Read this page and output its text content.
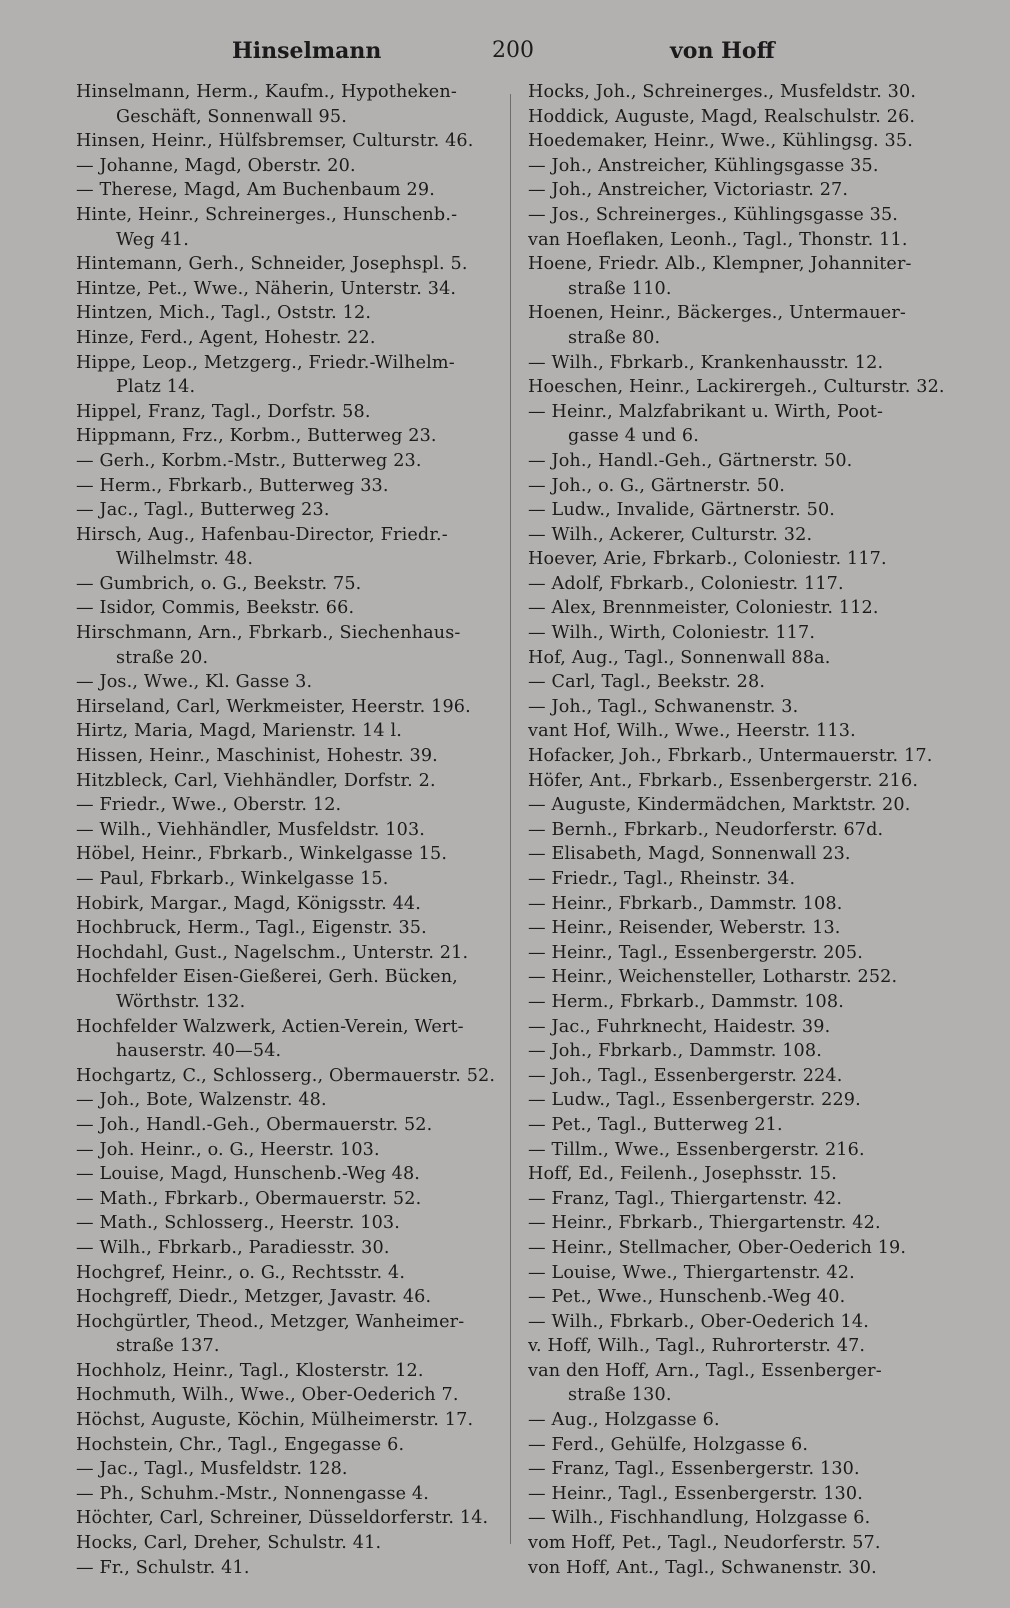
Hinselmann	200	von Hoff
Hinselmann, Herm., Kaufm., Hypotheken-
Geschäft, Sonnenwall 95.
Hinsen, Heinr., Hülfsbremser, Culturstr. 46.
— Johanne, Magd, Oberstr. 20.
— Therese, Magd, Am Buchenbaum 29.
Hinte, Heinr., Schreinerges., Hunschenb.-
Weg 41.
Hintemann, Gerh., Schneider, Josephspl. 5.
Hintze, Pet., Wwe., Näherin, Unterstr. 34.
Hintzen, Mich., Tagl., Oststr. 12.
Hinze, Ferd., Agent, Hohestr. 22.
Hippe, Leop., Metzgerg., Friedr.-Wilhelm-
Platz 14.
Hippel, Franz, Tagl., Dorfstr. 58.
Hippmann, Frz., Korbm., Butterweg 23.
— Gerh., Korbm.-Mstr., Butterweg 23.
— Herm., Fbrkarb., Butterweg 33.
— Jac., Tagl., Butterweg 23.
Hirsch, Aug., Hafenbau-Director, Friedr.-
Wilhelmstr. 48.
— Gumbrich, o. G., Beekstr. 75.
— Isidor, Commis, Beekstr. 66.
Hirschmann, Arn., Fbrkarb., Siechenhaus-
straße 20.
— Jos., Wwe., Kl. Gasse 3.
Hirseland, Carl, Werkmeister, Heerstr. 196.
Hirtz, Maria, Magd, Marienstr. 14 l.
Hissen, Heinr., Maschinist, Hohestr. 39.
Hitzbleck, Carl, Viehhändler, Dorfstr. 2.
— Friedr., Wwe., Oberstr. 12.
— Wilh., Viehhändler, Musfeldstr. 103.
Höbel, Heinr., Fbrkarb., Winkelgasse 15.
— Paul, Fbrkarb., Winkelgasse 15.
Hobirk, Margar., Magd, Königsstr. 44.
Hochbruck, Herm., Tagl., Eigenstr. 35.
Hochdahl, Gust., Nagelschm., Unterstr. 21.
Hochfelder Eisen-Gießerei, Gerh. Bücken,
Wörthstr. 132.
Hochfelder Walzwerk, Actien-Verein, Wert-
hauserstr. 40—54.
Hochgartz, C., Schlosserg., Obermauerstr. 52.
— Joh., Bote, Walzenstr. 48.
— Joh., Handl.-Geh., Obermauerstr. 52.
— Joh. Heinr., o. G., Heerstr. 103.
— Louise, Magd, Hunschenb.-Weg 48.
— Math., Fbrkarb., Obermauerstr. 52.
— Math., Schlosserg., Heerstr. 103.
— Wilh., Fbrkarb., Paradiesstr. 30.
Hochgref, Heinr., o. G., Rechtsstr. 4.
Hochgreff, Diedr., Metzger, Javastr. 46.
Hochgürtler, Theod., Metzger, Wanheimer-
straße 137.
Hochholz, Heinr., Tagl., Klosterstr. 12.
Hochmuth, Wilh., Wwe., Ober-Oederich 7.
Höchst, Auguste, Köchin, Mülheimerstr. 17.
Hochstein, Chr., Tagl., Engegasse 6.
— Jac., Tagl., Musfeldstr. 128.
— Ph., Schuhm.-Mstr., Nonnengasse 4.
Höchter, Carl, Schreiner, Düsseldorferstr. 14.
Hocks, Carl, Dreher, Schulstr. 41.
— Fr., Schulstr. 41.
Hocks, Joh., Schreinerges., Musfeldstr. 30.
Hoddick, Auguste, Magd, Realschulstr. 26.
Hoedemaker, Heinr., Wwe., Kühlingsg. 35.
— Joh., Anstreicher, Kühlingsgasse 35.
— Joh., Anstreicher, Victoriastr. 27.
— Jos., Schreinerges., Kühlingsgasse 35.
van Hoeflaken, Leonh., Tagl., Thonstr. 11.
Hoene, Friedr. Alb., Klempner, Johanniter-
straße 110.
Hoenen, Heinr., Bäckerges., Untermauer-
straße 80.
— Wilh., Fbrkarb., Krankenhausstr. 12.
Hoeschen, Heinr., Lackirergeh., Culturstr. 32.
— Heinr., Malzfabrikant u. Wirth, Poot-
gasse 4 und 6.
— Joh., Handl.-Geh., Gärtnerstr. 50.
— Joh., o. G., Gärtnerstr. 50.
— Ludw., Invalide, Gärtnerstr. 50.
— Wilh., Ackerer, Culturstr. 32.
Hoever, Arie, Fbrkarb., Coloniestr. 117.
— Adolf, Fbrkarb., Coloniestr. 117.
— Alex, Brennmeister, Coloniestr. 112.
— Wilh., Wirth, Coloniestr. 117.
Hof, Aug., Tagl., Sonnenwall 88a.
— Carl, Tagl., Beekstr. 28.
— Joh., Tagl., Schwanenstr. 3.
vant Hof, Wilh., Wwe., Heerstr. 113.
Hofacker, Joh., Fbrkarb., Untermauerstr. 17.
Höfer, Ant., Fbrkarb., Essenbergerstr. 216.
— Auguste, Kindermädchen, Marktstr. 20.
— Bernh., Fbrkarb., Neudorferstr. 67d.
— Elisabeth, Magd, Sonnenwall 23.
— Friedr., Tagl., Rheinstr. 34.
— Heinr., Fbrkarb., Dammstr. 108.
— Heinr., Reisender, Weberstr. 13.
— Heinr., Tagl., Essenbergerstr. 205.
— Heinr., Weichensteller, Lotharstr. 252.
— Herm., Fbrkarb., Dammstr. 108.
— Jac., Fuhrknecht, Haidestr. 39.
— Joh., Fbrkarb., Dammstr. 108.
— Joh., Tagl., Essenbergerstr. 224.
— Ludw., Tagl., Essenbergerstr. 229.
— Pet., Tagl., Butterweg 21.
— Tillm., Wwe., Essenbergerstr. 216.
Hoff, Ed., Feilenh., Josephsstr. 15.
— Franz, Tagl., Thiergartenstr. 42.
— Heinr., Fbrkarb., Thiergartenstr. 42.
— Heinr., Stellmacher, Ober-Oederich 19.
— Louise, Wwe., Thiergartenstr. 42.
— Pet., Wwe., Hunschenb.-Weg 40.
— Wilh., Fbrkarb., Ober-Oederich 14.
v. Hoff, Wilh., Tagl., Ruhrorterstr. 47.
van den Hoff, Arn., Tagl., Essenberger-
straße 130.
— Aug., Holzgasse 6.
— Ferd., Gehülfe, Holzgasse 6.
— Franz, Tagl., Essenbergerstr. 130.
— Heinr., Tagl., Essenbergerstr. 130.
— Wilh., Fischhandlung, Holzgasse 6.
vom Hoff, Pet., Tagl., Neudorferstr. 57.
von Hoff, Ant., Tagl., Schwanenstr. 30.
